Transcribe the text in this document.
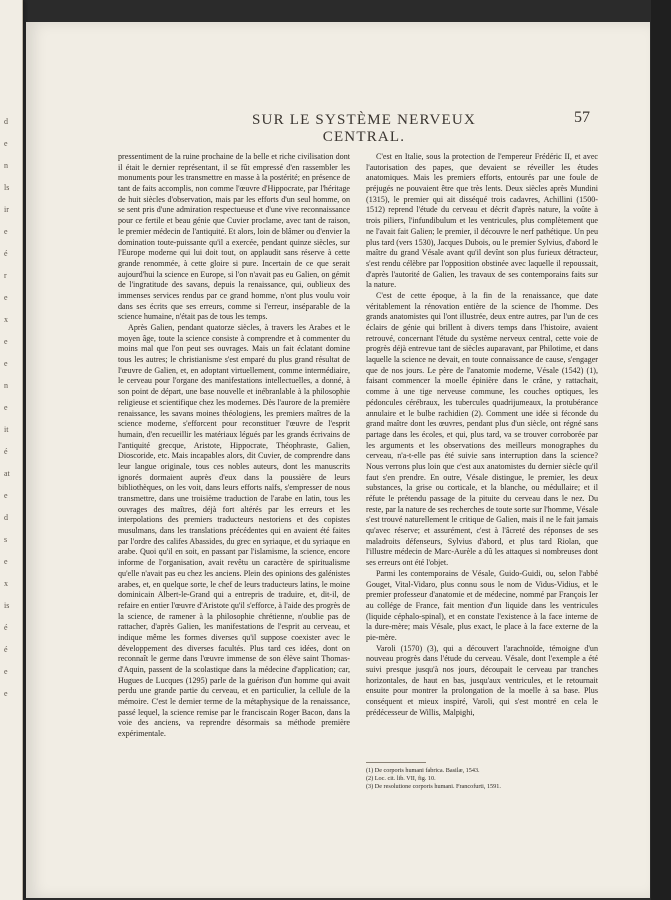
d
e
n
ls
ir
e
é
r
e
x
e
e
n
e
it
é
at
e
d
s
e
x
is
é
é
e
e
SUR LE SYSTÈME NERVEUX CENTRAL.
57

pressentiment de la ruine prochaine de la belle et riche civilisation dont il était le dernier représentant, il se fût empressé d'en rassembler les monuments pour les transmettre en masse à la postérité; en présence de tant de faits accomplis, non comme l'œuvre d'Hippocrate, par l'héritage de huit siècles d'observation, mais par les efforts d'un seul homme, on se sent pris d'une admiration respectueuse et d'une vive reconnaissance pour ce fertile et beau génie que Cuvier proclame, avec tant de raison, le premier médecin de l'antiquité. Et alors, loin de blâmer ou d'envier la domination toute-puissante qu'il a exercée, pendant quinze siècles, sur l'Europe moderne qui lui doit tout, on applaudit sans réserve à cette grande renommée, à cette gloire si pure. Incertain de ce que serait aujourd'hui la science en Europe, si l'on n'avait pas eu Galien, on gémit de l'ingratitude des savans, depuis la renaissance, qui, oublieux des immenses services rendus par ce grand homme, n'ont plus voulu voir dans ses écrits que ses erreurs, comme si l'erreur, inséparable de la science humaine, n'était pas de tous les temps.

Après Galien, pendant quatorze siècles, à travers les Arabes et le moyen âge, toute la science consiste à comprendre et à commenter du moins mal que l'on peut ses ouvrages. Mais un fait éclatant domine tous les autres; le christianisme s'est emparé du plus grand résultat de l'œuvre de Galien, et, en adoptant virtuellement, comme intermédiaire, le cerveau pour l'organe des manifestations intellectuelles, a donné, à son point de départ, une base nouvelle et inébranlable à la philosophie religieuse et scientifique chez les modernes. Dès l'aurore de la première renaissance, les savans moines théologiens, les premiers maîtres de la science moderne, s'efforcent pour reconstituer l'œuvre de l'esprit humain, d'en recueillir les matériaux légués par les grands écrivains de l'antiquité grecque, Aristote, Hippocrate, Théophraste, Galien, Dioscoride, etc. Mais incapables alors, dit Cuvier, de comprendre dans leur langue originale, tous ces nobles auteurs, dont les manuscrits ignorés dormaient auprès d'eux dans la poussière de leurs bibliothèques, on les voit, dans leurs efforts naïfs, s'empresser de nous transmettre, dans une troisième traduction de l'arabe en latin, tous les ouvrages des maîtres, déjà fort altérés par les erreurs et les interpolations des premiers traducteurs nestoriens et des copistes musulmans, dans les translations précédentes qui en avaient été faites par l'ordre des califes Abassides, du grec en syriaque, et du syriaque en arabe. Quoi qu'il en soit, en passant par l'islamisme, la science, encore informe de l'organisation, avait revêtu un caractère de spiritualisme qu'elle n'avait pas eu chez les anciens. Plein des opinions des galénistes arabes, et, en quelque sorte, le chef de leurs traducteurs latins, le moine dominicain Albert-le-Grand qui a entrepris de traduire, et, dit-il, de refaire en entier l'œuvre d'Aristote qu'il s'efforce, à l'aide des progrès de la science, de ramener à la philosophie chrétienne, n'oublie pas de rattacher, d'après Galien, les manifestations de l'esprit au cerveau, et indique même les formes diverses qu'il suppose coexister avec le développement des diverses facultés. Plus tard ces idées, dont on reconnaît le germe dans l'œuvre immense de son élève saint Thomas-d'Aquin, passent de la scolastique dans la médecine d'application; car, Hugues de Lucques (1295) parle de la guérison d'un homme qui avait perdu une grande partie du cerveau, et en particulier, la cellule de la mémoire. C'est le dernier terme de la métaphysique de la renaissance, passé lequel, la science remise par le franciscain Roger Bacon, dans la voie des anciens, va reprendre désormais sa méthode première expérimentale.

C'est en Italie, sous la protection de l'empereur Frédéric II, et avec l'autorisation des papes, que devaient se réveiller les études anatomiques. Mais les premiers efforts, entourés par une foule de préjugés ne pouvaient être que très lents. Deux siècles après Mundini (1315), le premier qui ait disséqué trois cadavres, Achillini (1500-1512) reprend l'étude du cerveau et décrit d'après nature, la voûte à trois piliers, l'infundibulum et les ventricules, plus complètement que ne l'avait fait Galien; le premier, il découvre le nerf pathétique. Un peu plus tard (vers 1530), Jacques Dubois, ou le premier Sylvius, d'abord le maître du grand Vésale avant qu'il devînt son plus furieux détracteur, s'est rendu célèbre par l'opposition obstinée avec laquelle il repoussait, d'après l'autorité de Galien, les travaux de ses contemporains faits sur la nature.

C'est de cette époque, à la fin de la renaissance, que date véritablement la rénovation entière de la science de l'homme. Des grands anatomistes qui l'ont illustrée, deux entre autres, par l'un de ces éclairs de génie qui brillent à divers temps dans l'histoire, avaient retrouvé, concernant l'étude du système nerveux central, cette voie de progrès déjà entrevue tant de siècles auparavant, par Philotime, et dans laquelle la science ne devait, en toute connaissance de cause, s'engager que de nos jours. Le père de l'anatomie moderne, Vésale (1542) (1), faisant commencer la moelle épinière dans le crâne, y rattachait, comme à une tige nerveuse commune, les couches optiques, les pédoncules cérébraux, les tubercules quadrijumeaux, la protubérance annulaire et le bulbe rachidien (2). Comment une idée si féconde du grand maître dont les œuvres, pendant plus d'un siècle, ont régné sans partage dans les écoles, et qui, plus tard, va se trouver corroborée par les arguments et les observations des meilleurs monographes du cerveau, n'a-t-elle pas été suivie sans interruption dans la science? Nous verrons plus loin que c'est aux anatomistes du dernier siècle qu'il faut s'en prendre. En outre, Vésale distingue, le premier, les deux substances, la grise ou corticale, et la blanche, ou médullaire; et il réfute le prétendu passage de la pituite du cerveau dans le nez. Du reste, par la nature de ses recherches de toute sorte sur l'homme, Vésale s'est trouvé naturellement le critique de Galien, mais il ne le fait jamais qu'avec réserve; et assurément, c'est à l'âcreté des réponses de ses maladroits défenseurs, Sylvius d'abord, et plus tard Riolan, que l'illustre médecin de Marc-Aurèle a dû les attaques si nombreuses dont ses erreurs ont été l'objet.

Parmi les contemporains de Vésale, Guido-Guidi, ou, selon l'abbé Gouget, Vital-Vidaro, plus connu sous le nom de Vidus-Vidius, et le premier professeur d'anatomie et de médecine, nommé par François Ier au collége de France, fait mention d'un liquide dans les ventricules (liquide céphalo-spinal), et en constate l'existence à la face interne de la dure-mère; mais Vésale, plus exact, le place à la face externe de la pie-mère.

Varoli (1570) (3), qui a découvert l'arachnoïde, témoigne d'un nouveau progrès dans l'étude du cerveau. Vésale, dont l'exemple a été suivi presque jusqu'à nos jours, découpait le cerveau par tranches horizontales, de haut en bas, jusqu'aux ventricules, et le retournait ensuite pour montrer la prolongation de la moelle à sa base. Plus conséquent et mieux inspiré, Varoli, qui s'est montré en cela le prédécesseur de Willis, Malpighi,

(1) De corporis humani fabrica. Basilæ, 1543.
(2) Loc. cit. lib. VII, fig. 10.
(3) De resolutione corporis humani. Francofurti, 1591.
